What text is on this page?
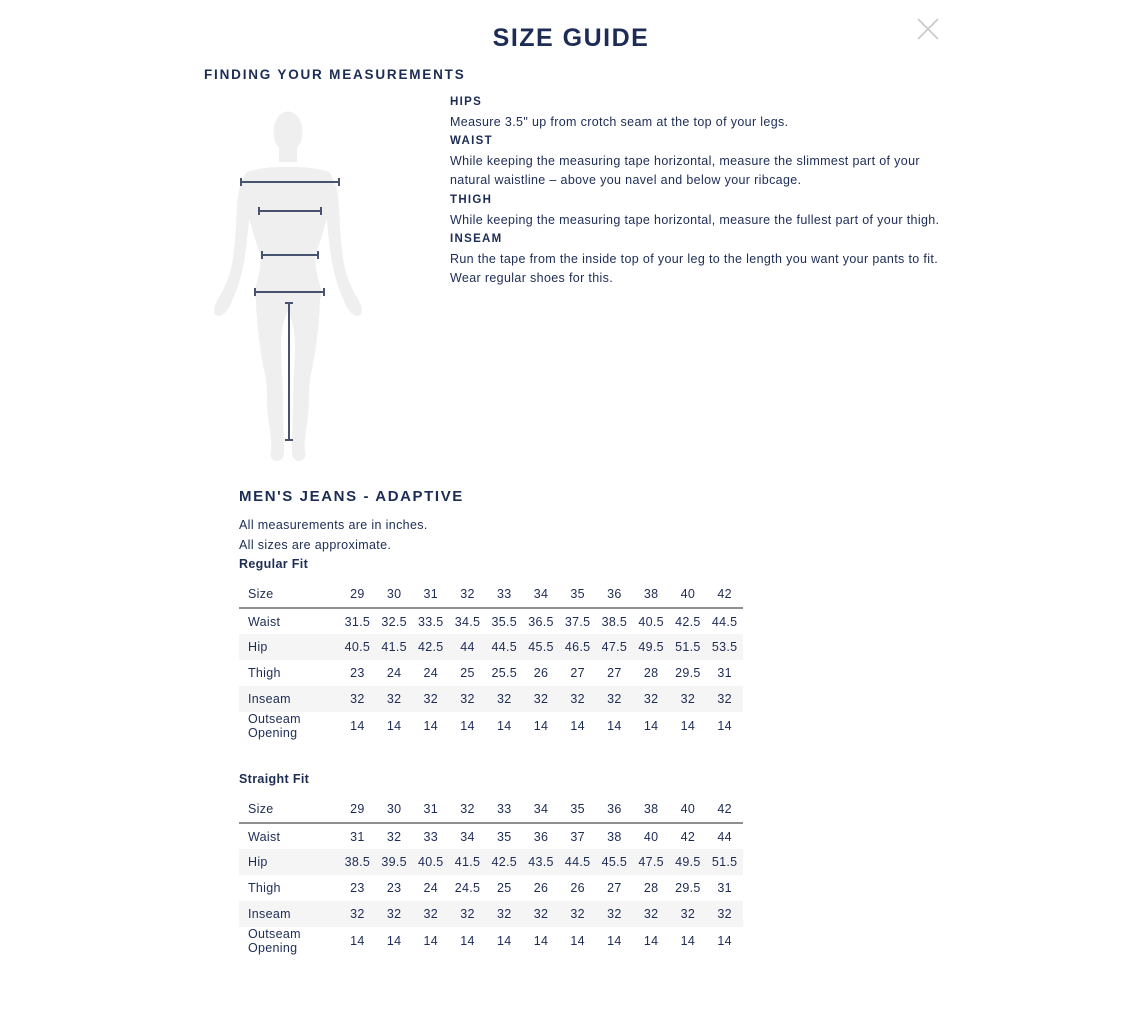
SIZE GUIDE
FINDING YOUR MEASUREMENTS
HIPS
Measure 3.5" up from crotch seam at the top of your legs.
WAIST
While keeping the measuring tape horizontal, measure the slimmest part of your
natural waistline – above you navel and below your ribcage.
THIGH
While keeping the measuring tape horizontal, measure the fullest part of your thigh.
INSEAM
Run the tape from the inside top of your leg to the length you want your pants to fit.
Wear regular shoes for this.
MEN'S JEANS - ADAPTIVE

All measurements are in inches.

All sizes are approximate.

Regular Fit
Size	29	30	31	32	33	34	35	36	38	40	42
Waist	31.5	32.5	33.5	34.5	35.5	36.5	37.5	38.5	40.5	42.5	44.5
Hip	40.5	41.5	42.5	44	44.5	45.5	46.5	47.5	49.5	51.5	53.5
Thigh	23	24	24	25	25.5	26	27	27	28	29.5	31
Inseam	32	32	32	32	32	32	32	32	32	32	32
Outseam Opening	14	14	14	14	14	14	14	14	14	14	14
Straight Fit
Size	29	30	31	32	33	34	35	36	38	40	42
Waist	31	32	33	34	35	36	37	38	40	42	44
Hip	38.5	39.5	40.5	41.5	42.5	43.5	44.5	45.5	47.5	49.5	51.5
Thigh	23	23	24	24.5	25	26	26	27	28	29.5	31
Inseam	32	32	32	32	32	32	32	32	32	32	32
Outseam Opening	14	14	14	14	14	14	14	14	14	14	14
